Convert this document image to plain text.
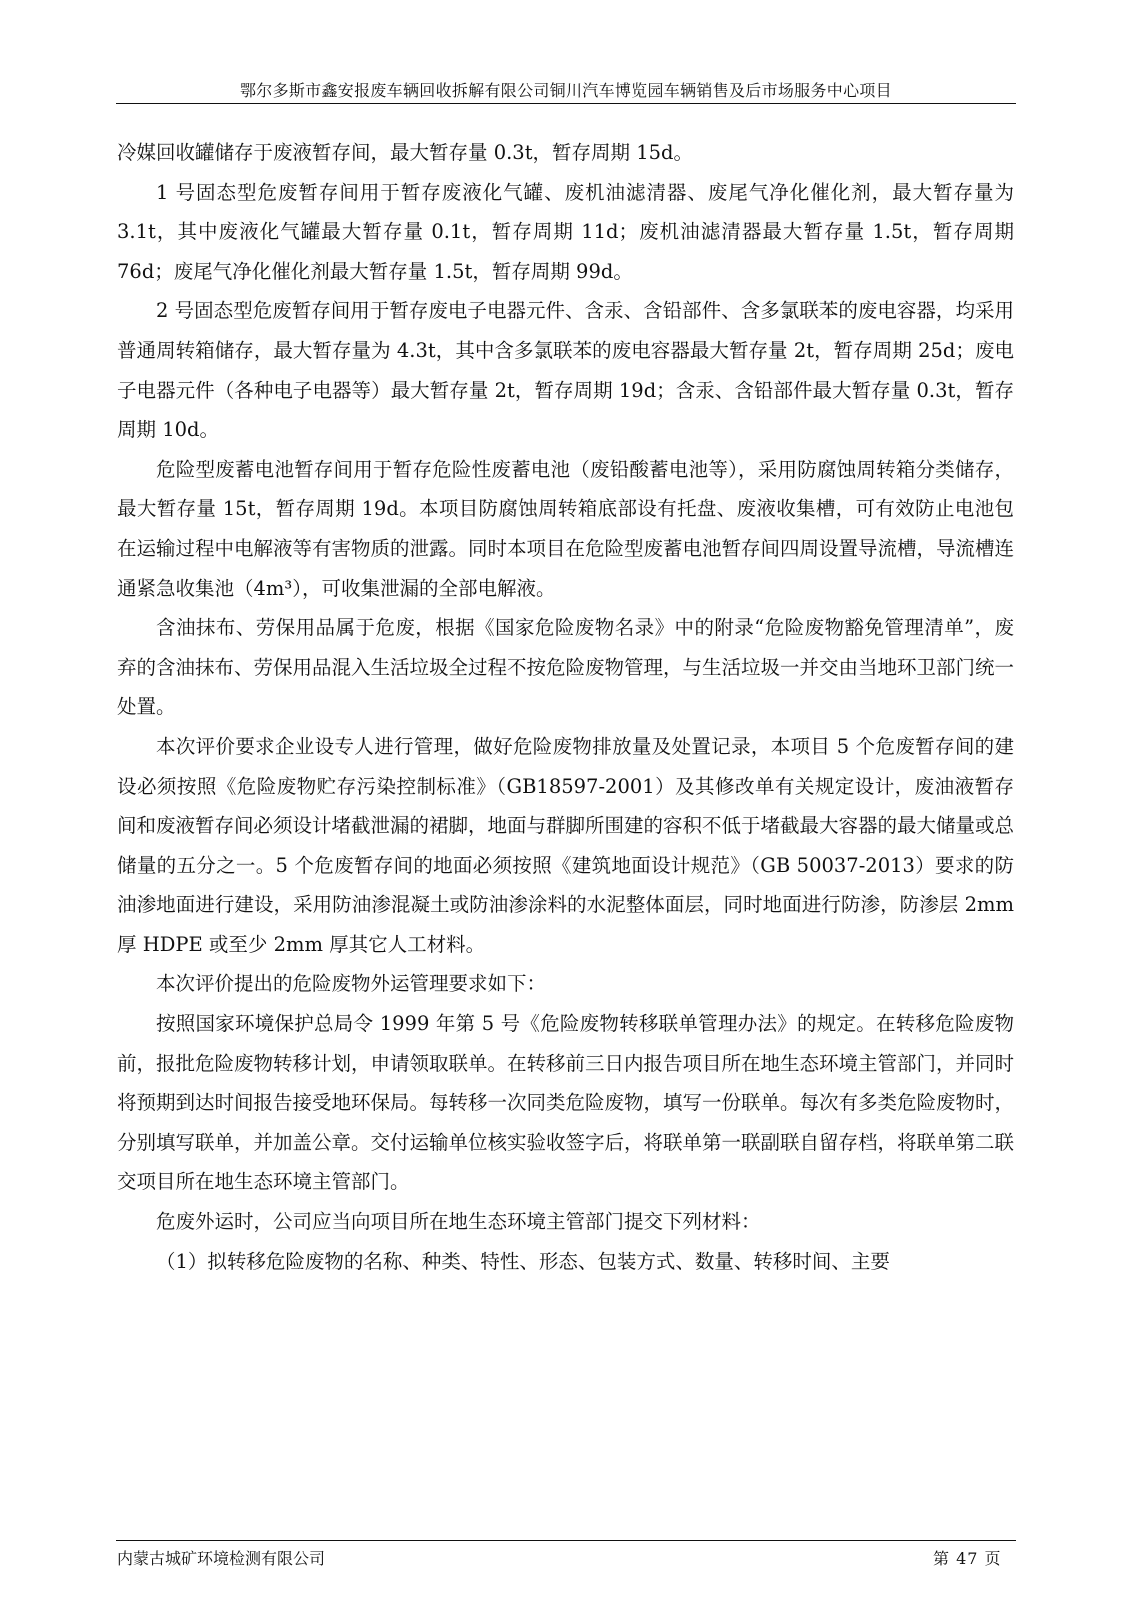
鄂尔多斯市鑫安报废车辆回收拆解有限公司铜川汽车博览园车辆销售及后市场服务中心项目

冷媒回收罐储存于废液暂存间，最大暂存量 0.3t，暂存周期 15d。

1 号固态型危废暂存间用于暂存废液化气罐、废机油滤清器、废尾气净化催化剂，最大暂存量为 3.1t，其中废液化气罐最大暂存量 0.1t，暂存周期 11d；废机油滤清器最大暂存量 1.5t，暂存周期 76d；废尾气净化催化剂最大暂存量 1.5t，暂存周期 99d。

2 号固态型危废暂存间用于暂存废电子电器元件、含汞、含铅部件、含多氯联苯的废电容器，均采用普通周转箱储存，最大暂存量为 4.3t，其中含多氯联苯的废电容器最大暂存量 2t，暂存周期 25d；废电子电器元件（各种电子电器等）最大暂存量 2t，暂存周期 19d；含汞、含铅部件最大暂存量 0.3t，暂存周期 10d。

危险型废蓄电池暂存间用于暂存危险性废蓄电池（废铅酸蓄电池等），采用防腐蚀周转箱分类储存，最大暂存量 15t，暂存周期 19d。本项目防腐蚀周转箱底部设有托盘、废液收集槽，可有效防止电池包在运输过程中电解液等有害物质的泄露。同时本项目在危险型废蓄电池暂存间四周设置导流槽，导流槽连通紧急收集池（4m³），可收集泄漏的全部电解液。

含油抹布、劳保用品属于危废，根据《国家危险废物名录》中的附录“危险废物豁免管理清单”，废弃的含油抹布、劳保用品混入生活垃圾全过程不按危险废物管理，与生活垃圾一并交由当地环卫部门统一处置。

本次评价要求企业设专人进行管理，做好危险废物排放量及处置记录，本项目 5 个危废暂存间的建设必须按照《危险废物贮存污染控制标准》（GB18597-2001）及其修改单有关规定设计，废油液暂存间和废液暂存间必须设计堵截泄漏的裙脚，地面与群脚所围建的容积不低于堵截最大容器的最大储量或总储量的五分之一。5 个危废暂存间的地面必须按照《建筑地面设计规范》（GB 50037-2013）要求的防油渗地面进行建设，采用防油渗混凝土或防油渗涂料的水泥整体面层，同时地面进行防渗，防渗层 2mm 厚 HDPE 或至少 2mm 厚其它人工材料。

本次评价提出的危险废物外运管理要求如下：

按照国家环境保护总局令 1999 年第 5 号《危险废物转移联单管理办法》的规定。在转移危险废物前，报批危险废物转移计划，申请领取联单。在转移前三日内报告项目所在地生态环境主管部门，并同时将预期到达时间报告接受地环保局。每转移一次同类危险废物，填写一份联单。每次有多类危险废物时，分别填写联单，并加盖公章。交付运输单位核实验收签字后，将联单第一联副联自留存档，将联单第二联交项目所在地生态环境主管部门。

危废外运时，公司应当向项目所在地生态环境主管部门提交下列材料：

（1）拟转移危险废物的名称、种类、特性、形态、包装方式、数量、转移时间、主要

内蒙古城矿环境检测有限公司	第 47 页
